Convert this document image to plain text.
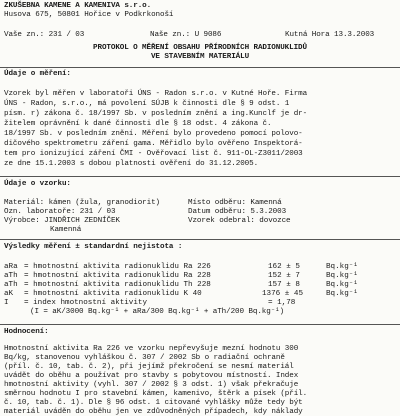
ZKUŠEBNA KAMENE A KAMENIVA s.r.o.
Husova 675, 50801 Hořice v Podkrkonoší
Vaše zn.: 231 / 03	Naše zn.: U 9086	Kutná Hora 13.3.2003
PROTOKOL O MĚŘENÍ OBSAHU PŘÍRODNÍCH RADIONUKLIDŮ
VE STAVEBNÍM MATERIÁLU
Údaje o měření:
Vzorek byl měřen v laboratoři ÚNS - Radon s.r.o. v Kutné Hoře. Firma
ÚNS - Radon, s.r.o., má povolení SÚJB k činnosti dle § 9 odst. 1
písm. r) zákona č. 18/1997 Sb. v posledním znění a ing.Kunclf je dr-
žitelem oprávnění k dané činnosti dle § 18 odst. 4 zákona č.
18/1997 Sb. v posledním znění. Měření bylo provedeno pomocí polovo-
dičového spektrometru záření gama. Měřidlo bylo ověřeno Inspektorá-
tem pro ionizující záření ČMI - Ověřovací list č. 911-OL-Z3011/2003
ze dne 15.1.2003 s dobou platnosti ověření do 31.12.2005.
Údaje o vzorku:
Materiál: kámen (žula, granodiorit)	Místo odběru: Kamenná
Ozn. laboratoře: 231 / 03	Datum odběru: 5.3.2003
Výrobce: JINDŘICH ZEDNÍČEK	Vzorek odebral: dovozce
Kamenná
Výsledky měření ± standardní nejistota :
aRa = hmotnostní aktivita radionuklidu Ra 226	162 ± 5	Bq.kg⁻¹
aTh = hmotnostní aktivita radionuklidu Ra 228	152 ± 7	Bq.kg⁻¹
aTh = hmotnostní aktivita radionuklidu Th 228	157 ± 8	Bq.kg⁻¹
aK = hmotnostní aktivita radionuklidu K 40	1376 ± 45	Bq.kg⁻¹
I = index hmotnostní aktivity	= 1,78
(I = aK/3000 Bq.kg⁻¹ + aRa/300 Bq.kg⁻¹ + aTh/200 Bq.kg⁻¹)
Hodnocení:
Hmotnostní aktivita Ra 226 ve vzorku nepřevyšuje mezní hodnotu 300
Bq/kg, stanovenou vyhláškou č. 307 / 2002 Sb o radiační ochraně
(příl. č. 10, tab. č. 2), při jejímž překročení se nesmí materiál
uvádět do oběhu a používat pro stavby s pobytovou místností. Index
hmotnostní aktivity (vyhl. 307 / 2002 § 3 odst. 1) však překračuje
směrnou hodnotu I pro stavební kámen, kamenivo, štěrk a písek (příl.
č. 10, tab. č. 1). Dle § 96 odst. 1 citované vyhlášky může tedy být
materiál uváděn do oběhu jen ve zdůvodněných případech, kdy náklady
